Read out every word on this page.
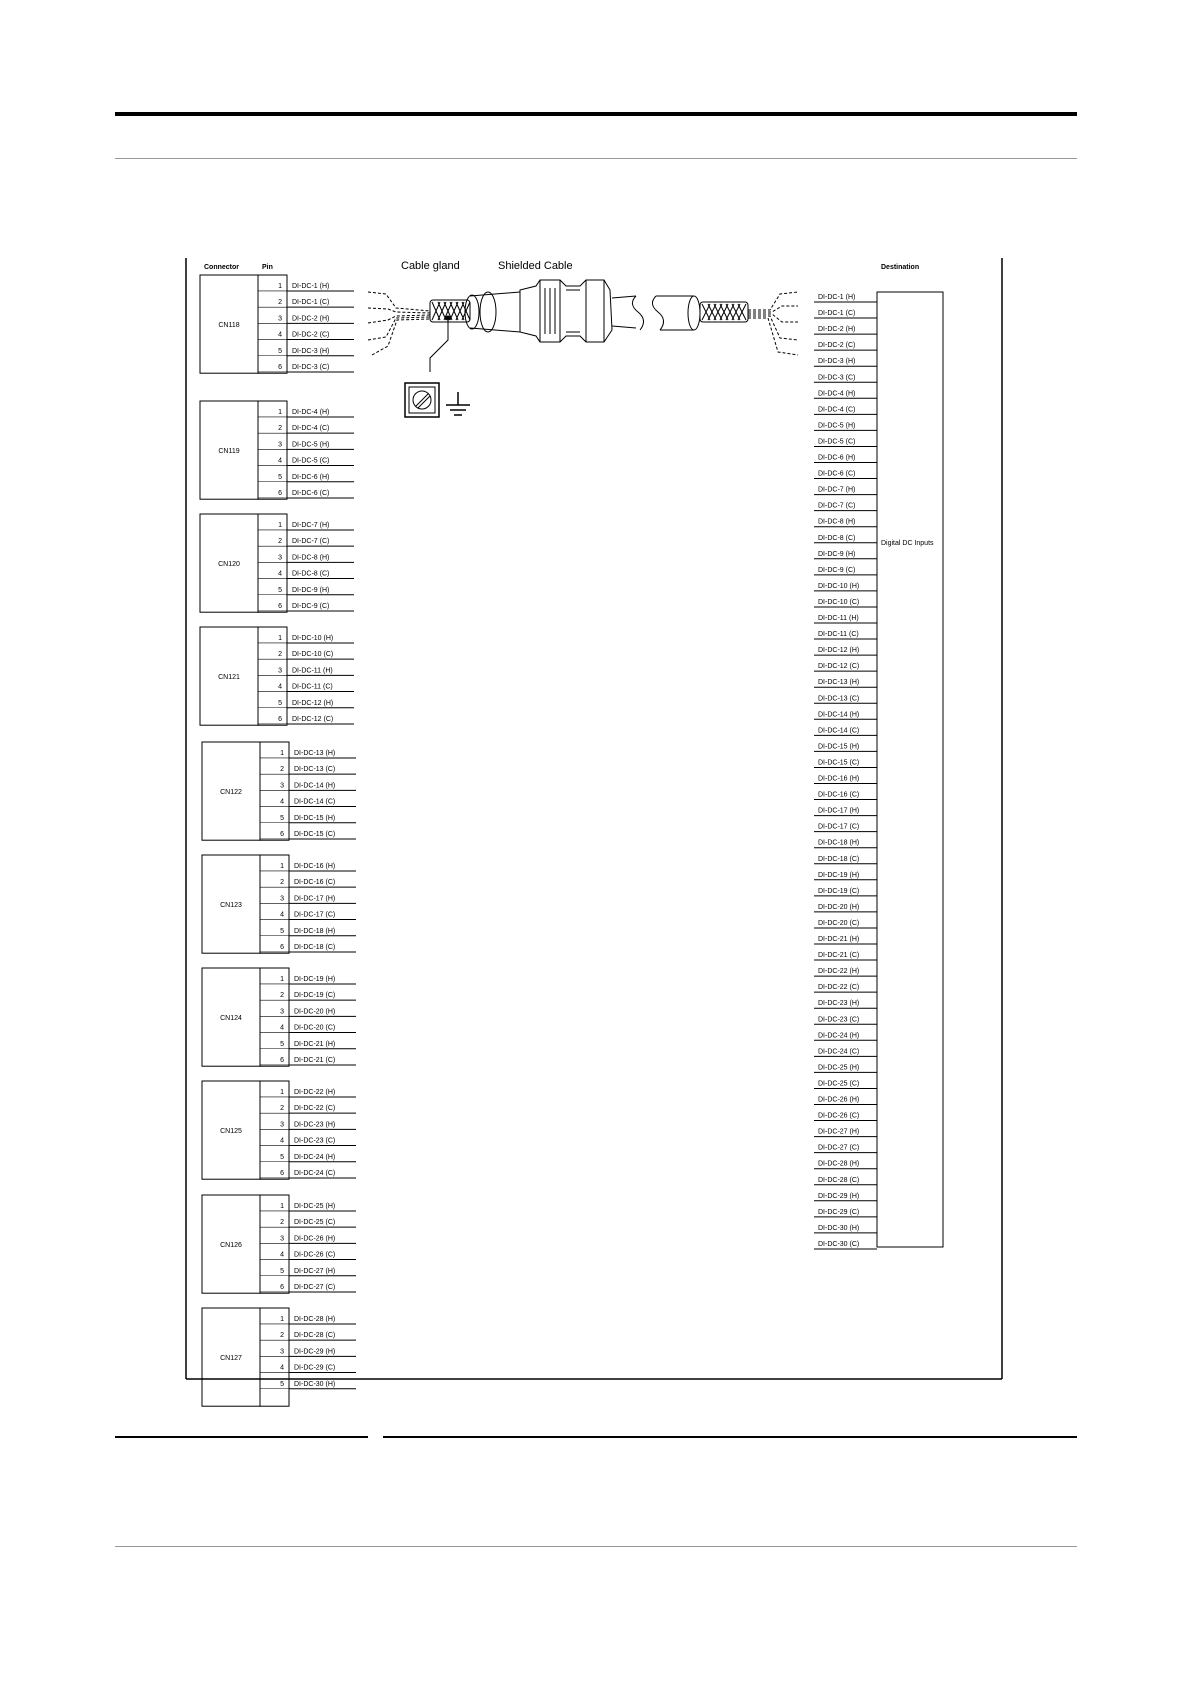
Connector	Pin	Cable gland	Shielded Cable	Destination
CN118
1 DI-DC-1 (H)
2 DI-DC-1 (C)
3 DI-DC-2 (H)
4 DI-DC-2 (C)
5 DI-DC-3 (H)
6 DI-DC-3 (C)
CN119
1 DI-DC-4 (H)
2 DI-DC-4 (C)
3 DI-DC-5 (H)
4 DI-DC-5 (C)
5 DI-DC-6 (H)
6 DI-DC-6 (C)
CN120
1 DI-DC-7 (H)
2 DI-DC-7 (C)
3 DI-DC-8 (H)
4 DI-DC-8 (C)
5 DI-DC-9 (H)
6 DI-DC-9 (C)
CN121
1 DI-DC-10 (H)
2 DI-DC-10 (C)
3 DI-DC-11 (H)
4 DI-DC-11 (C)
5 DI-DC-12 (H)
6 DI-DC-12 (C)
CN122
1 DI-DC-13 (H)
2 DI-DC-13 (C)
3 DI-DC-14 (H)
4 DI-DC-14 (C)
5 DI-DC-15 (H)
6 DI-DC-15 (C)
CN123
1 DI-DC-16 (H)
2 DI-DC-16 (C)
3 DI-DC-17 (H)
4 DI-DC-17 (C)
5 DI-DC-18 (H)
6 DI-DC-18 (C)
CN124
1 DI-DC-19 (H)
2 DI-DC-19 (C)
3 DI-DC-20 (H)
4 DI-DC-20 (C)
5 DI-DC-21 (H)
6 DI-DC-21 (C)
CN125
1 DI-DC-22 (H)
2 DI-DC-22 (C)
3 DI-DC-23 (H)
4 DI-DC-23 (C)
5 DI-DC-24 (H)
6 DI-DC-24 (C)
CN126
1 DI-DC-25 (H)
2 DI-DC-25 (C)
3 DI-DC-26 (H)
4 DI-DC-26 (C)
5 DI-DC-27 (H)
6 DI-DC-27 (C)
CN127
1 DI-DC-28 (H)
2 DI-DC-28 (C)
3 DI-DC-29 (H)
4 DI-DC-29 (C)
5 DI-DC-30 (H)
Digital DC Inputs
DI-DC-1 (H)
DI-DC-1 (C)
DI-DC-2 (H)
DI-DC-2 (C)
DI-DC-3 (H)
DI-DC-3 (C)
DI-DC-4 (H)
DI-DC-4 (C)
DI-DC-5 (H)
DI-DC-5 (C)
DI-DC-6 (H)
DI-DC-6 (C)
DI-DC-7 (H)
DI-DC-7 (C)
DI-DC-8 (H)
DI-DC-8 (C)
DI-DC-9 (H)
DI-DC-9 (C)
DI-DC-10 (H)
DI-DC-10 (C)
DI-DC-11 (H)
DI-DC-11 (C)
DI-DC-12 (H)
DI-DC-12 (C)
DI-DC-13 (H)
DI-DC-13 (C)
DI-DC-14 (H)
DI-DC-14 (C)
DI-DC-15 (H)
DI-DC-15 (C)
DI-DC-16 (H)
DI-DC-16 (C)
DI-DC-17 (H)
DI-DC-17 (C)
DI-DC-18 (H)
DI-DC-18 (C)
DI-DC-19 (H)
DI-DC-19 (C)
DI-DC-20 (H)
DI-DC-20 (C)
DI-DC-21 (H)
DI-DC-21 (C)
DI-DC-22 (H)
DI-DC-22 (C)
DI-DC-23 (H)
DI-DC-23 (C)
DI-DC-24 (H)
DI-DC-24 (C)
DI-DC-25 (H)
DI-DC-25 (C)
DI-DC-26 (H)
DI-DC-26 (C)
DI-DC-27 (H)
DI-DC-27 (C)
DI-DC-28 (H)
DI-DC-28 (C)
DI-DC-29 (H)
DI-DC-29 (C)
DI-DC-30 (H)
DI-DC-30 (C)
